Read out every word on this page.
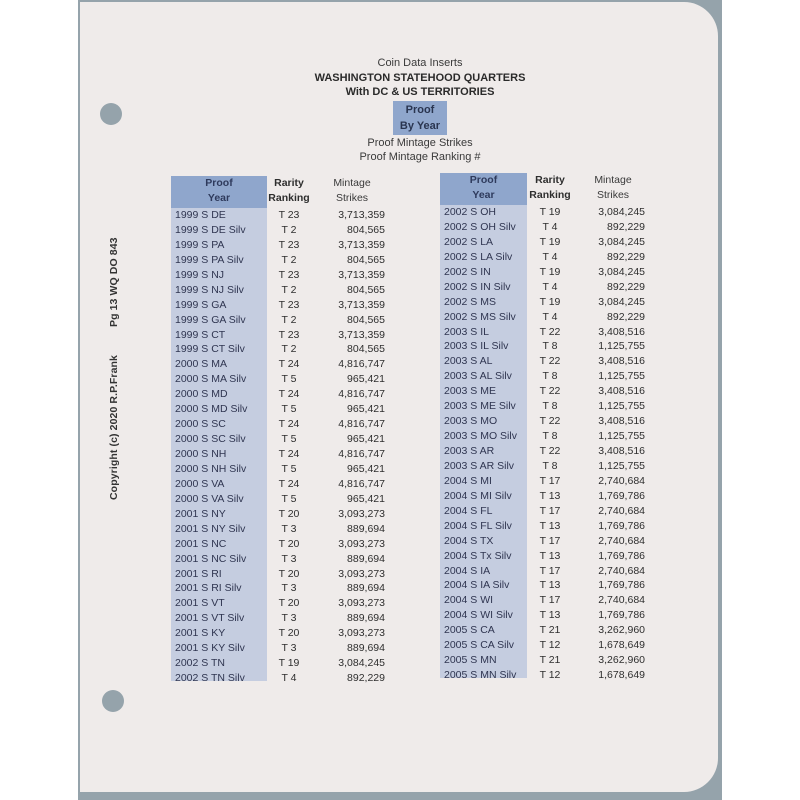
Copyright (c) 2020 R.P.FrankPg 13 WQ DO 843
Coin Data Inserts
WASHINGTON STATEHOOD QUARTERS
With DC & US TERRITORIES
Proof
By Year
Proof Mintage Strikes
Proof Mintage Ranking #
Proof
Year
Rarity
Ranking
Mintage
Strikes
1999 S DE	T 23	3,713,359
1999 S DE Silv	T 2	804,565
1999 S PA	T 23	3,713,359
1999 S PA Silv	T 2	804,565
1999 S NJ	T 23	3,713,359
1999 S NJ Silv	T 2	804,565
1999 S GA	T 23	3,713,359
1999 S GA Silv	T 2	804,565
1999 S CT	T 23	3,713,359
1999 S CT Silv	T 2	804,565
2000 S MA	T 24	4,816,747
2000 S MA Silv	T 5	965,421
2000 S MD	T 24	4,816,747
2000 S MD Silv	T 5	965,421
2000 S SC	T 24	4,816,747
2000 S SC Silv	T 5	965,421
2000 S NH	T 24	4,816,747
2000 S NH Silv	T 5	965,421
2000 S VA	T 24	4,816,747
2000 S VA Silv	T 5	965,421
2001 S NY	T 20	3,093,273
2001 S NY Silv	T 3	889,694
2001 S NC	T 20	3,093,273
2001 S NC Silv	T 3	889,694
2001 S RI	T 20	3,093,273
2001 S RI Silv	T 3	889,694
2001 S VT	T 20	3,093,273
2001 S VT Silv	T 3	889,694
2001 S KY	T 20	3,093,273
2001 S KY Silv	T 3	889,694
2002 S TN	T 19	3,084,245
2002 S TN Silv	T 4	892,229
Proof
Year
Rarity
Ranking
Mintage
Strikes
2002 S OH	T 19	3,084,245
2002 S OH Silv	T 4	892,229
2002 S LA	T 19	3,084,245
2002 S LA Silv	T 4	892,229
2002 S IN	T 19	3,084,245
2002 S IN Silv	T 4	892,229
2002 S MS	T 19	3,084,245
2002 S MS Silv	T 4	892,229
2003 S IL	T 22	3,408,516
2003 S IL Silv	T 8	1,125,755
2003 S AL	T 22	3,408,516
2003 S AL Silv	T 8	1,125,755
2003 S ME	T 22	3,408,516
2003 S ME Silv	T 8	1,125,755
2003 S MO	T 22	3,408,516
2003 S MO Silv	T 8	1,125,755
2003 S AR	T 22	3,408,516
2003 S AR Silv	T 8	1,125,755
2004 S MI	T 17	2,740,684
2004 S MI Silv	T 13	1,769,786
2004 S FL	T 17	2,740,684
2004 S FL Silv	T 13	1,769,786
2004 S TX	T 17	2,740,684
2004 S Tx Silv	T 13	1,769,786
2004 S IA	T 17	2,740,684
2004 S IA Silv	T 13	1,769,786
2004 S WI	T 17	2,740,684
2004 S WI Silv	T 13	1,769,786
2005 S CA	T 21	3,262,960
2005 S CA Silv	T 12	1,678,649
2005 S MN	T 21	3,262,960
2005 S MN Silv	T 12	1,678,649
